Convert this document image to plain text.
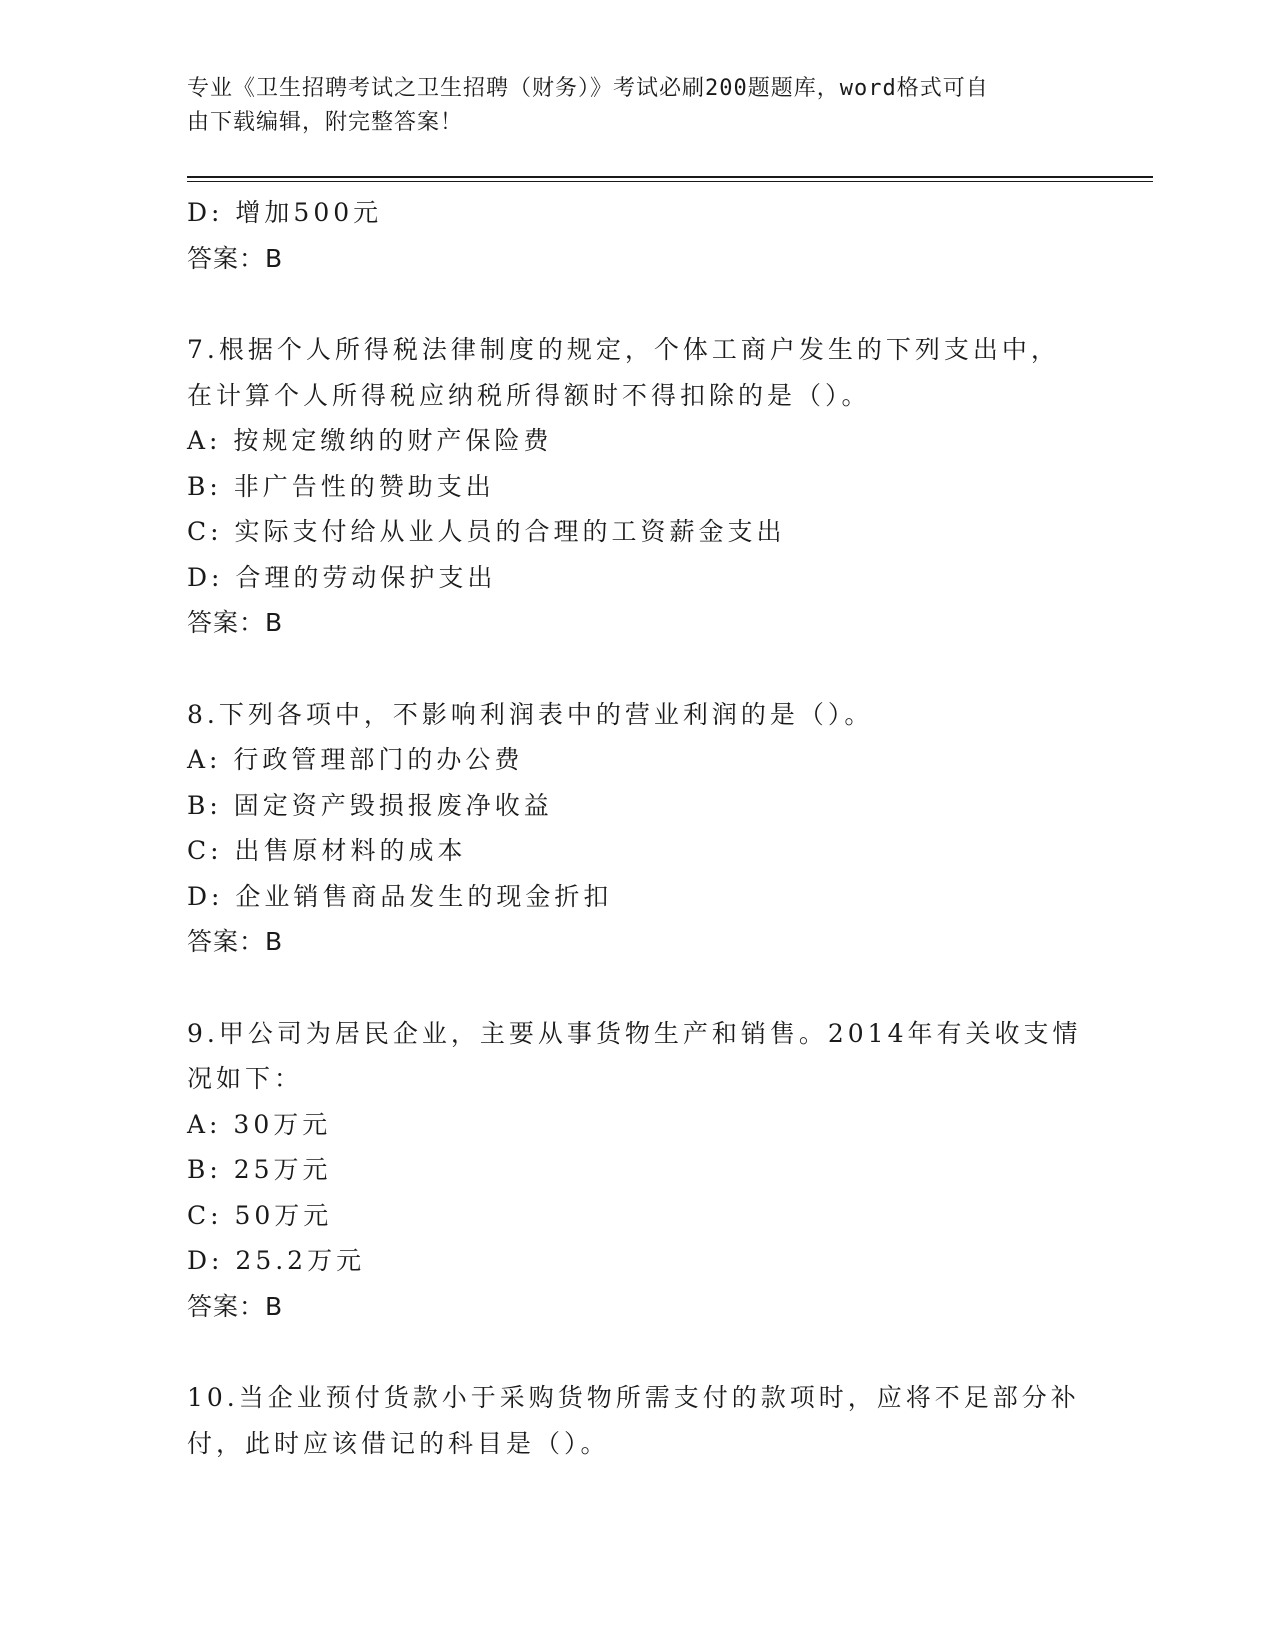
专业《卫生招聘考试之卫生招聘（财务）》考试必刷200题题库，word格式可自
由下载编辑，附完整答案！
D: 增加500元
答案：B
7.根据个人所得税法律制度的规定，个体工商户发生的下列支出中，
在计算个人所得税应纳税所得额时不得扣除的是（）。
A: 按规定缴纳的财产保险费
B: 非广告性的赞助支出
C: 实际支付给从业人员的合理的工资薪金支出
D: 合理的劳动保护支出
答案：B
8.下列各项中，不影响利润表中的营业利润的是（）。
A: 行政管理部门的办公费
B: 固定资产毁损报废净收益
C: 出售原材料的成本
D: 企业销售商品发生的现金折扣
答案：B
9.甲公司为居民企业，主要从事货物生产和销售。2014年有关收支情
况如下：
A: 30万元
B: 25万元
C: 50万元
D: 25.2万元
答案：B
10.当企业预付货款小于采购货物所需支付的款项时，应将不足部分补
付，此时应该借记的科目是（）。
